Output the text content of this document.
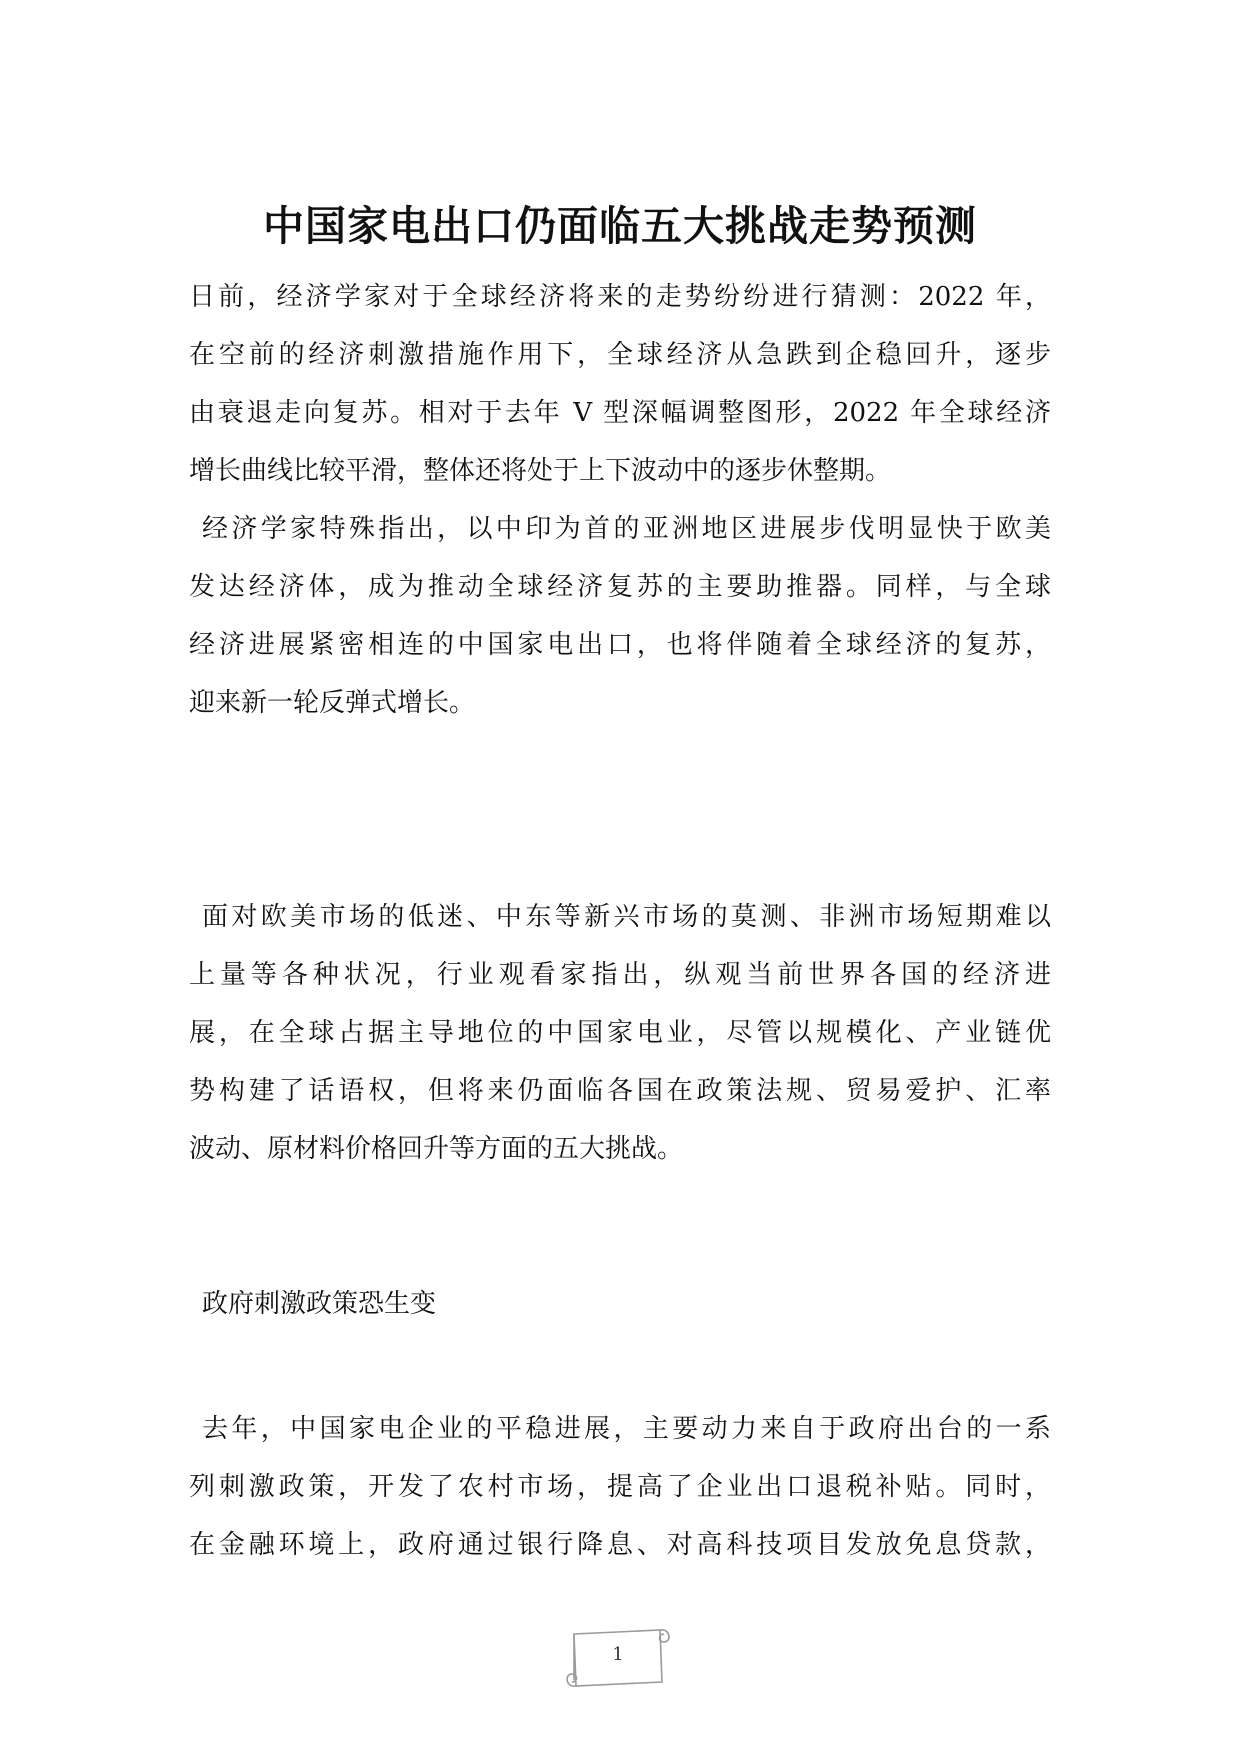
中国家电出口仍面临五大挑战走势预测
日前，经济学家对于全球经济将来的走势纷纷进行猜测：2022 年，
在空前的经济刺激措施作用下，全球经济从急跌到企稳回升，逐步
由衰退走向复苏。相对于去年 V 型深幅调整图形，2022 年全球经济
增长曲线比较平滑，整体还将处于上下波动中的逐步休整期。
经济学家特殊指出，以中印为首的亚洲地区进展步伐明显快于欧美
发达经济体，成为推动全球经济复苏的主要助推器。同样，与全球
经济进展紧密相连的中国家电出口，也将伴随着全球经济的复苏，
迎来新一轮反弹式增长。
面对欧美市场的低迷、中东等新兴市场的莫测、非洲市场短期难以
上量等各种状况，行业观看家指出，纵观当前世界各国的经济进
展，在全球占据主导地位的中国家电业，尽管以规模化、产业链优
势构建了话语权，但将来仍面临各国在政策法规、贸易爱护、汇率
波动、原材料价格回升等方面的五大挑战。

政府刺激政策恐生变

去年，中国家电企业的平稳进展，主要动力来自于政府出台的一系
列刺激政策，开发了农村市场，提高了企业出口退税补贴。同时，
在金融环境上，政府通过银行降息、对高科技项目发放免息贷款，
1
